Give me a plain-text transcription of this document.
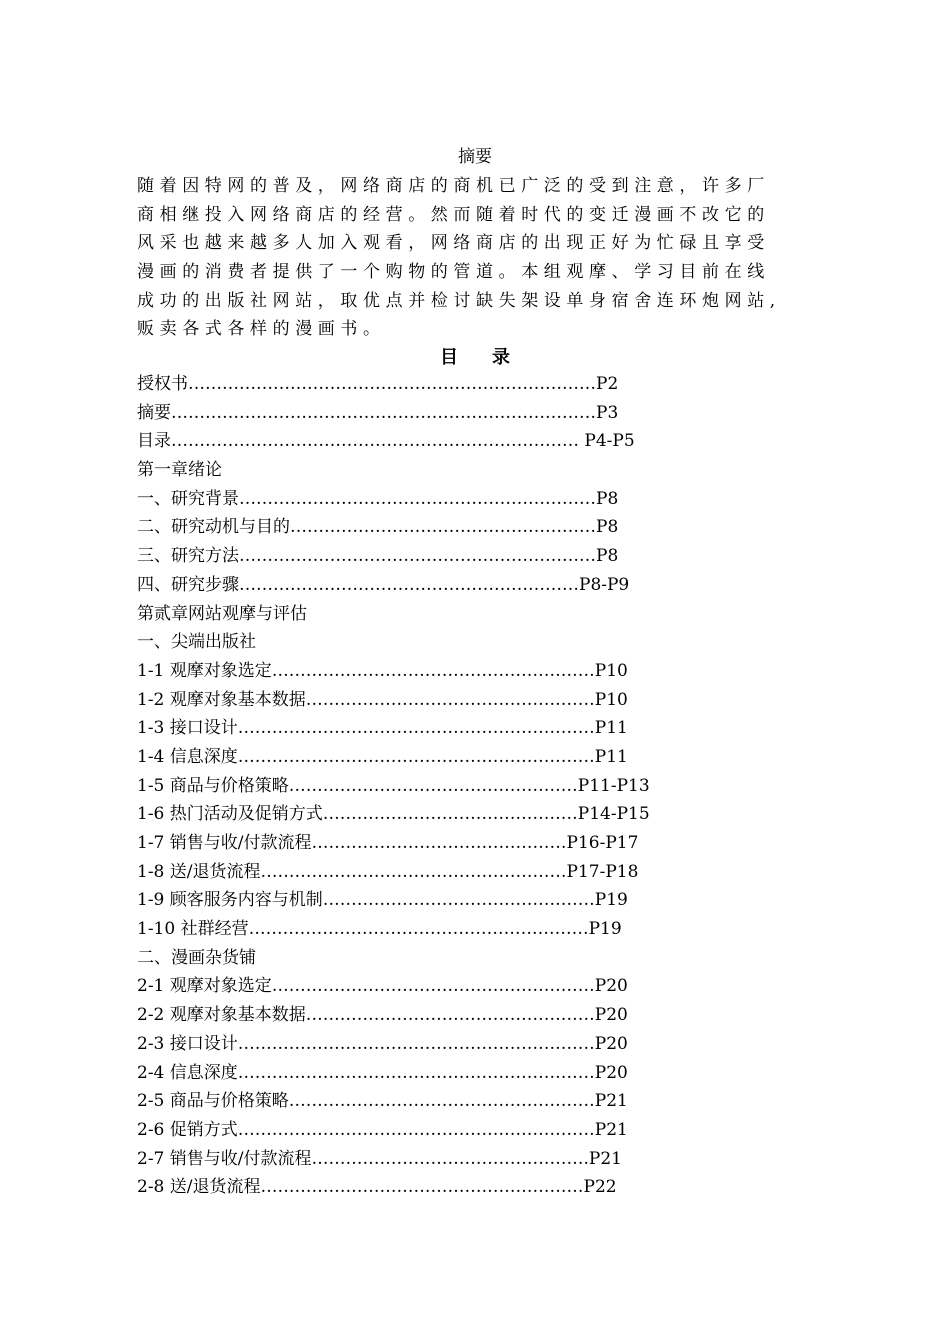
摘要
随着因特网的普及，网络商店的商机已广泛的受到注意，许多厂
商相继投入网络商店的经营。然而随着时代的变迁漫画不改它的
风采也越来越多人加入观看，网络商店的出现正好为忙碌且享受
漫画的消费者提供了一个购物的管道。本组观摩、学习目前在线
成功的出版社网站，取优点并检讨缺失架设单身宿舍连环炮网站,
贩卖各式各样的漫画书。
目录
授权书………………………………………………………………P2
摘要…………………………………………………………………P3
目录……………………………………………………………… P4-P5
第一章绪论
一、研究背景………………………………………………………P8
二、研究动机与目的………………………………………………P8
三、研究方法………………………………………………………P8
四、研究步骤……………………………………………………P8-P9
第贰章网站观摩与评估
一、尖端出版社
1-1 观摩对象选定…………………………………………………P10
1-2 观摩对象基本数据……………………………………………P10
1-3 接口设计………………………………………………………P11
1-4 信息深度………………………………………………………P11
1-5 商品与价格策略……………………………………………P11-P13
1-6 热门活动及促销方式………………………………………P14-P15
1-7 销售与收/付款流程………………………………………P16-P17
1-8 送/退货流程………………………………………………P17-P18
1-9 顾客服务内容与机制…………………………………………P19
1-10 社群经营……………………………………………………P19
二、漫画杂货铺
2-1 观摩对象选定…………………………………………………P20
2-2 观摩对象基本数据……………………………………………P20
2-3 接口设计………………………………………………………P20
2-4 信息深度………………………………………………………P20
2-5 商品与价格策略………………………………………………P21
2-6 促销方式………………………………………………………P21
2-7 销售与收/付款流程………………………………………….P21
2-8 送/退货流程…………………………………………………P22
